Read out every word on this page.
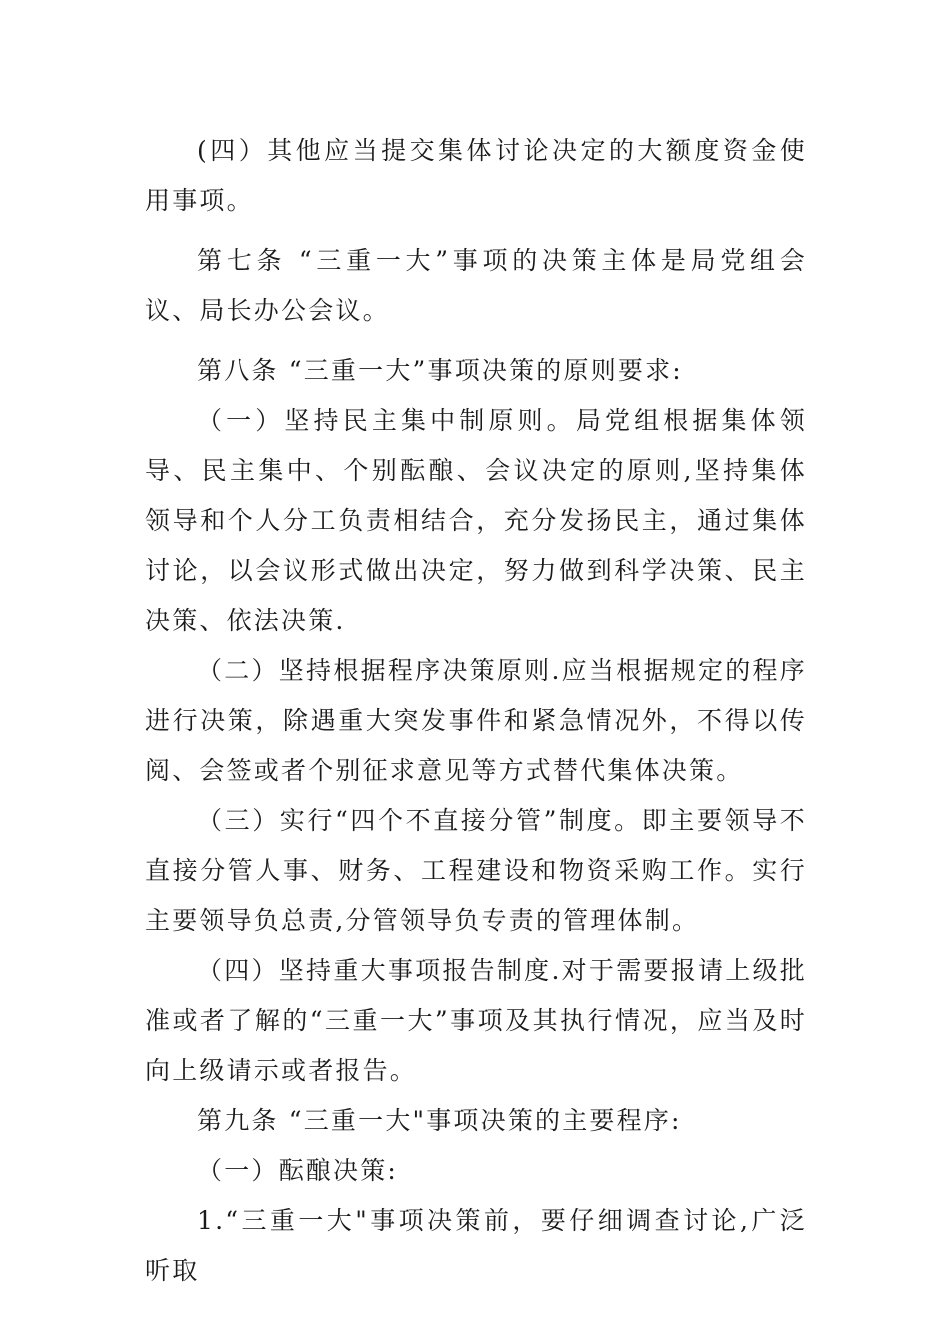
(四）其他应当提交集体讨论决定的大额度资金使用事项。

第七条 “三重一大”事项的决策主体是局党组会议、局长办公会议。

第八条 “三重一大”事项决策的原则要求:

（一）坚持民主集中制原则。局党组根据集体领导、民主集中、个别酝酿、会议决定的原则,坚持集体领导和个人分工负责相结合，充分发扬民主，通过集体讨论，以会议形式做出决定，努力做到科学决策、民主决策、依法决策.

（二）坚持根据程序决策原则.应当根据规定的程序进行决策，除遇重大突发事件和紧急情况外，不得以传阅、会签或者个别征求意见等方式替代集体决策。

（三）实行“四个不直接分管”制度。即主要领导不直接分管人事、财务、工程建设和物资采购工作。实行主要领导负总责,分管领导负专责的管理体制。

（四）坚持重大事项报告制度.对于需要报请上级批准或者了解的“三重一大”事项及其执行情况，应当及时向上级请示或者报告。

第九条 “三重一大"事项决策的主要程序:

（一）酝酿决策:

1.“三重一大"事项决策前，要仔细调查讨论,广泛听取
